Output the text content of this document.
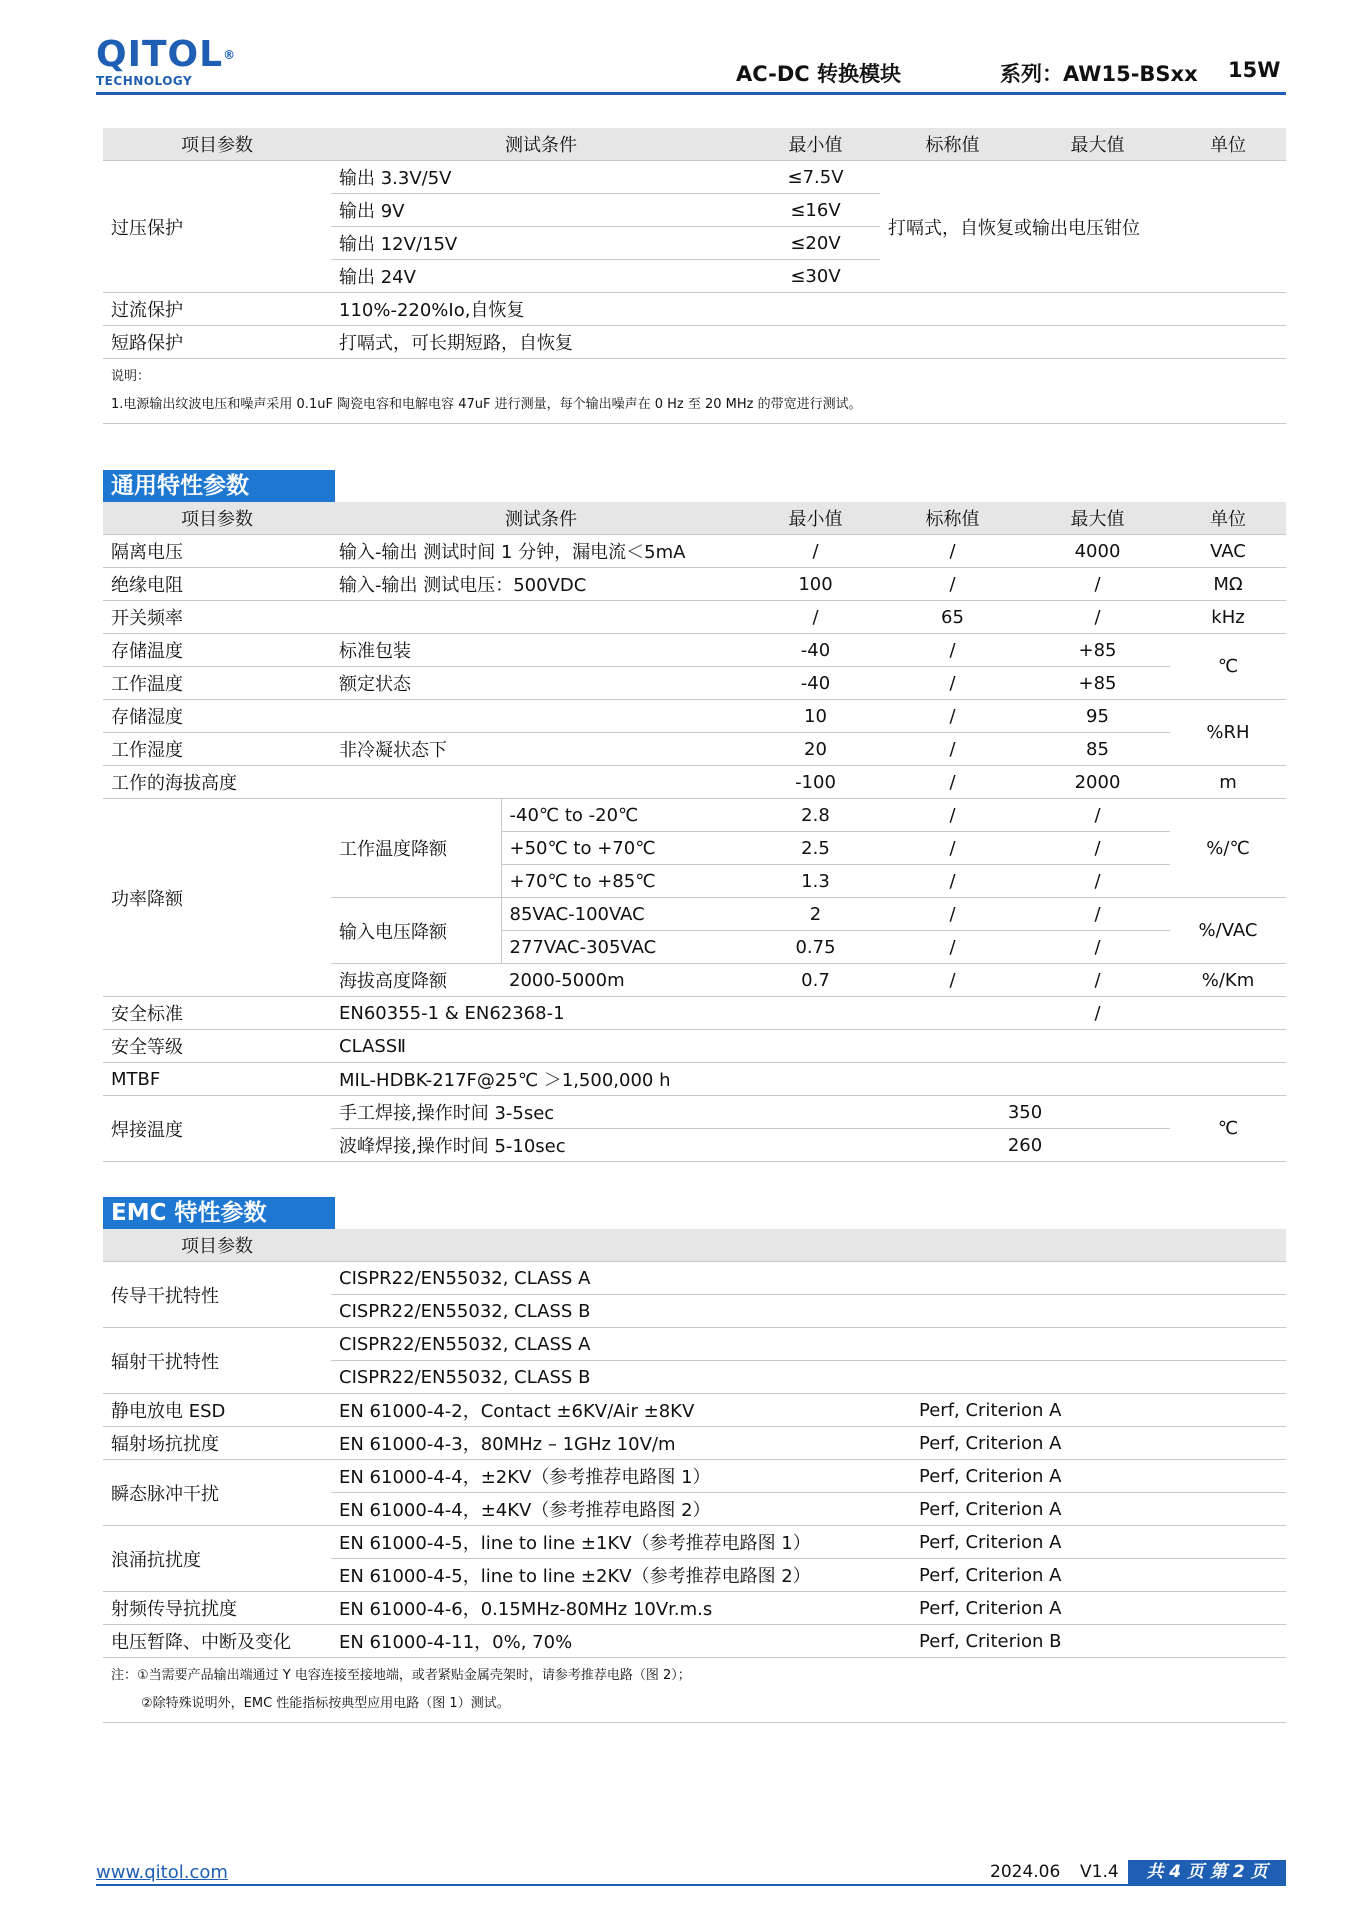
QITOL®
TECHNOLOGY	AC-DC 转换模块	系列：AW15-BSxx 15W
项目参数	测试条件	最小值	标称值	最大值	单位
过压保护	输出 3.3V/5V	≤7.5V	打嗝式，自恢复或输出电压钳位		
	输出 9V	≤16V			
	输出 12V/15V	≤20V			
	输出 24V	≤30V			
过流保护	110%-220%Io,自恢复				
短路保护	打嗝式，可长期短路，自恢复				

说明：
1.电源输出纹波电压和噪声采用 0.1uF 陶瓷电容和电解电容 47uF 进行测量，每个输出噪声在 0 Hz 至 20 MHz 的带宽进行测试。					
通用特性参数
项目参数	测试条件		最小值	标称值	最大值	单位
隔离电压	输入-输出 测试时间 1 分钟，漏电流＜5mA		/	/	4000	VAC
绝缘电阻	输入-输出 测试电压：500VDC		100	/	/	MΩ
开关频率			/	65	/	kHz
存储温度	标准包装		-40	/	+85	℃
工作温度	额定状态		-40	/	+85	
存储湿度			10	/	95	%RH
工作湿度	非冷凝状态下		20	/	85	
工作的海拔高度			-100	/	2000	m
功率降额	工作温度降额	-40℃ to -20℃	2.8	/	/	%/℃
		+50℃ to +70℃	2.5	/	/	
		+70℃ to +85℃	1.3	/	/	
	输入电压降额	85VAC-100VAC	2	/	/	%/VAC
		277VAC-305VAC	0.75	/	/	
	海拔高度降额	2000-5000m	0.7	/	/	%/Km
安全标准	EN60355-1 & EN62368-1				/	
安全等级	CLASSⅡ					
MTBF	MIL-HDBK-217F@25℃ ＞1,500,000 h					
焊接温度	手工焊接,操作时间 3-5sec			350		℃
	波峰焊接,操作时间 5-10sec			260		
EMC 特性参数
项目参数		
传导干扰特性	CISPR22/EN55032, CLASS A	
	CISPR22/EN55032, CLASS B	
辐射干扰特性	CISPR22/EN55032, CLASS A	
	CISPR22/EN55032, CLASS B	
静电放电 ESD	EN 61000-4-2，Contact ±6KV/Air ±8KV	Perf, Criterion A
辐射场抗扰度	EN 61000-4-3，80MHz – 1GHz 10V/m	Perf, Criterion A
瞬态脉冲干扰	EN 61000-4-4，±2KV（参考推荐电路图 1）	Perf, Criterion A
	EN 61000-4-4，±4KV（参考推荐电路图 2）	Perf, Criterion A
浪涌抗扰度	EN 61000-4-5，line to line ±1KV（参考推荐电路图 1）	Perf, Criterion A
	EN 61000-4-5，line to line ±2KV（参考推荐电路图 2）	Perf, Criterion A
射频传导抗扰度	EN 61000-4-6，0.15MHz-80MHz 10Vr.m.s	Perf, Criterion A
电压暂降、中断及变化	EN 61000-4-11，0%, 70%	Perf, Criterion B

注：①当需要产品输出端通过 Y 电容连接至接地端，或者紧贴金属壳架时，请参考推荐电路（图 2）；
②除特殊说明外，EMC 性能指标按典型应用电路（图 1）测试。		
www.qitol.com	2024.06 V1.4	共 4 页 第 2 页
